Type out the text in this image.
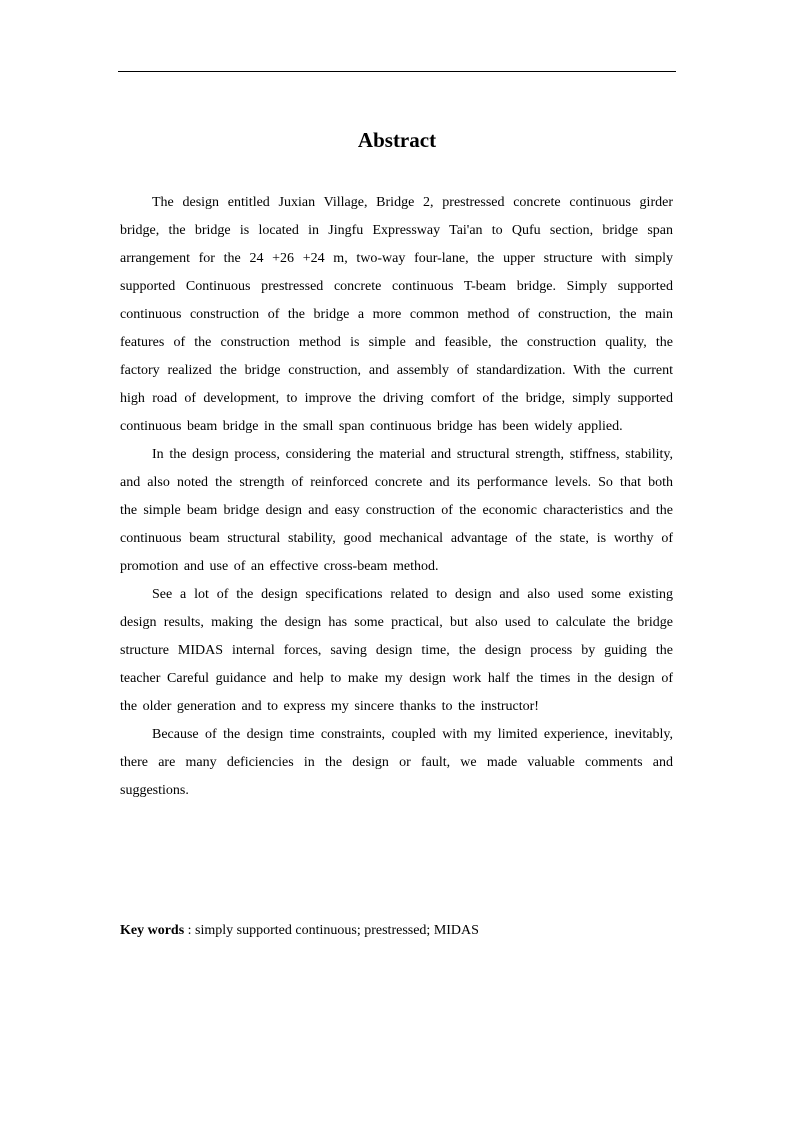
Abstract

The design entitled Juxian Village, Bridge 2, prestressed concrete continuous girder bridge, the bridge is located in Jingfu Expressway Tai'an to Qufu section, bridge span arrangement for the 24 +26 +24 m, two-way four-lane, the upper structure with simply supported Continuous prestressed concrete continuous T-beam bridge. Simply supported continuous construction of the bridge a more common method of construction, the main features of the construction method is simple and feasible, the construction quality, the factory realized the bridge construction, and assembly of standardization. With the current high road of development, to improve the driving comfort of the bridge, simply supported continuous beam bridge in the small span continuous bridge has been widely applied.

In the design process, considering the material and structural strength, stiffness, stability, and also noted the strength of reinforced concrete and its performance levels. So that both the simple beam bridge design and easy construction of the economic characteristics and the continuous beam structural stability, good mechanical advantage of the state, is worthy of promotion and use of an effective cross-beam method.

See a lot of the design specifications related to design and also used some existing design results, making the design has some practical, but also used to calculate the bridge structure MIDAS internal forces, saving design time, the design process by guiding the teacher Careful guidance and help to make my design work half the times in the design of the older generation and to express my sincere thanks to the instructor!

Because of the design time constraints, coupled with my limited experience, inevitably, there are many deficiencies in the design or fault, we made valuable comments and suggestions.

Key words : simply supported continuous; prestressed; MIDAS
